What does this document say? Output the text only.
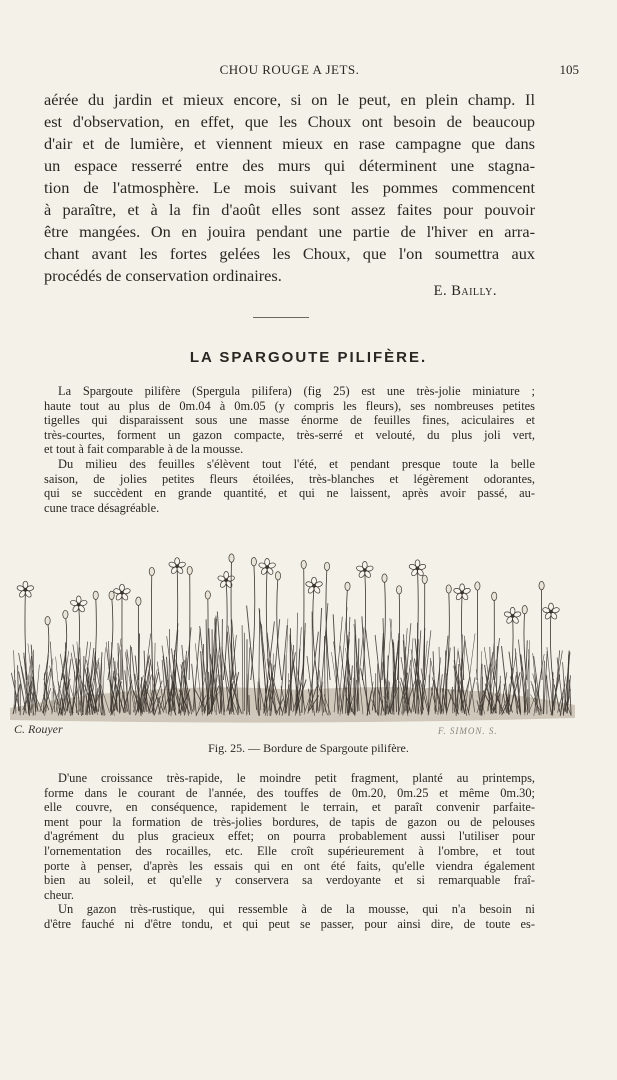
CHOU ROUGE A JETS.	105
aérée du jardin et mieux encore, si on le peut, en plein champ. Il
est d'observation, en effet, que les Choux ont besoin de beaucoup
d'air et de lumière, et viennent mieux en rase campagne que dans
un espace resserré entre des murs qui déterminent une stagna-
tion de l'atmosphère. Le mois suivant les pommes commencent
à paraître, et à la fin d'août elles sont assez faites pour pouvoir
être mangées. On en jouira pendant une partie de l'hiver en arra-
chant avant les fortes gelées les Choux, que l'on soumettra aux
procédés de conservation ordinaires.
E. Bailly.
LA SPARGOUTE PILIFÈRE.
La Spargoute pilifère (Spergula pilifera) (fig 25) est une très-jolie miniature ;
haute tout au plus de 0m.04 à 0m.05 (y compris les fleurs), ses nombreuses petites
tigelles qui disparaissent sous une masse énorme de feuilles fines, aciculaires et
très-courtes, forment un gazon compacte, très-serré et velouté, du plus joli vert,
et tout à fait comparable à de la mousse.
Du milieu des feuilles s'élèvent tout l'été, et pendant presque toute la belle
saison, de jolies petites fleurs étoilées, très-blanches et légèrement odorantes,
qui se succèdent en grande quantité, et qui ne laissent, après avoir passé, au-
cune trace désagréable.
C. Rouyer	F. SIMON. S.
Fig. 25. — Bordure de Spargoute pilifère.
D'une croissance très-rapide, le moindre petit fragment, planté au printemps,
forme dans le courant de l'année, des touffes de 0m.20, 0m.25 et même 0m.30;
elle couvre, en conséquence, rapidement le terrain, et paraît convenir parfaite-
ment pour la formation de très-jolies bordures, de tapis de gazon ou de pelouses
d'agrément du plus gracieux effet; on pourra probablement aussi l'utiliser pour
l'ornementation des rocailles, etc. Elle croît supérieurement à l'ombre, et tout
porte à penser, d'après les essais qui en ont été faits, qu'elle viendra également
bien au soleil, et qu'elle y conservera sa verdoyante et si remarquable fraî-
cheur.
Un gazon très-rustique, qui ressemble à de la mousse, qui n'a besoin ni
d'être fauché ni d'être tondu, et qui peut se passer, pour ainsi dire, de toute es-
